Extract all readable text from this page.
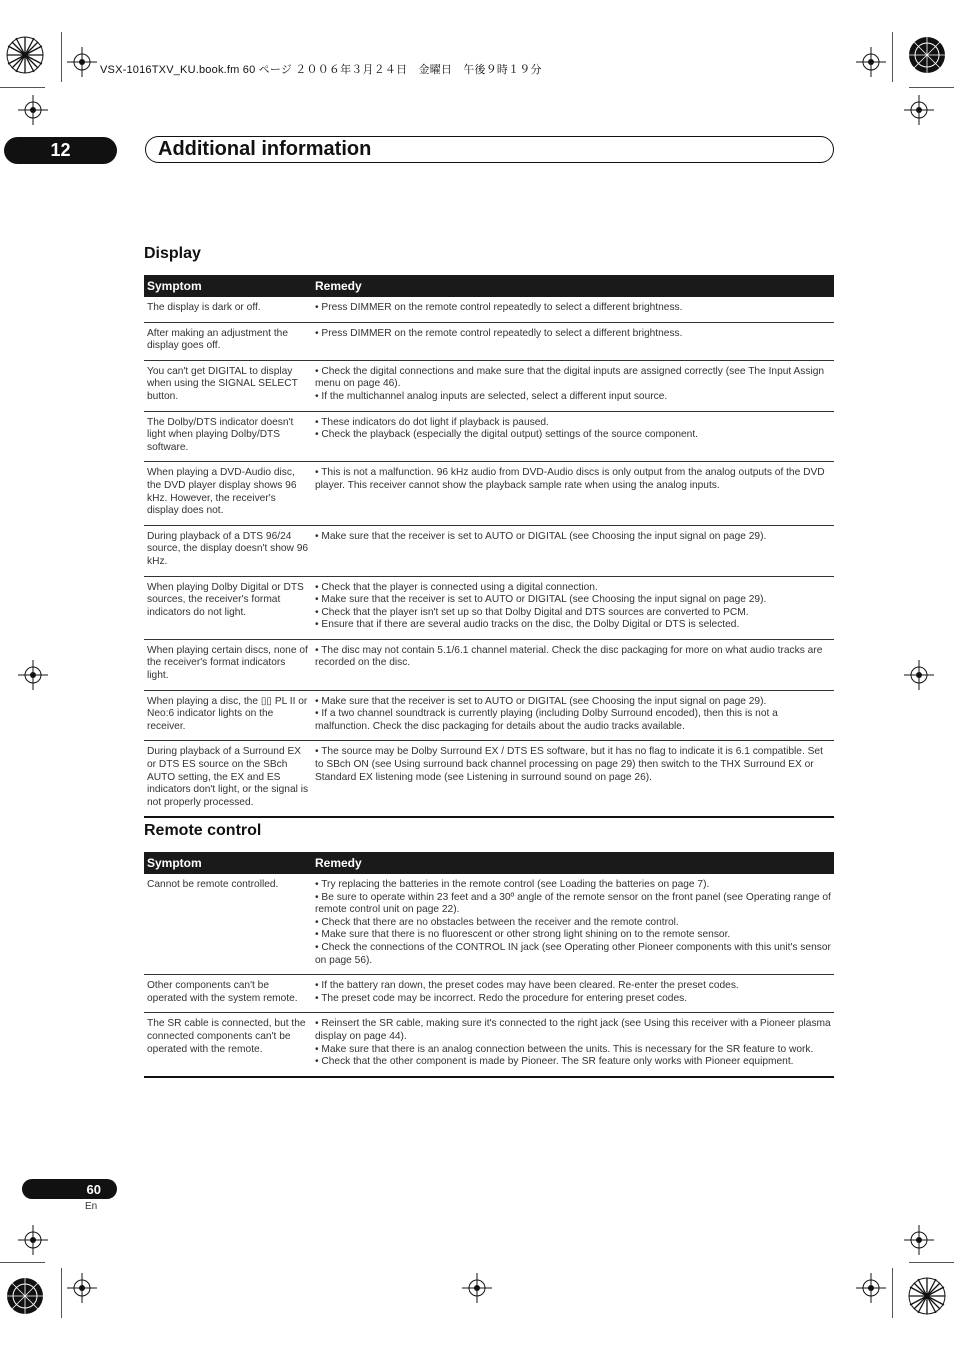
VSX-1016TXV_KU.book.fm 60 ページ ２００６年３月２４日　金曜日　午後９時１９分
12	Additional information
Display
Symptom	Remedy
The display is dark or off.	• Press DIMMER on the remote control repeatedly to select a different brightness.

After making an adjustment the display goes off.	• Press DIMMER on the remote control repeatedly to select a different brightness.

You can't get DIGITAL to display when using the SIGNAL SELECT button.	• Check the digital connections and make sure that the digital inputs are assigned correctly (see The Input Assign menu on page 46).
• If the multichannel analog inputs are selected, select a different input source.

The Dolby/DTS indicator doesn't light when playing Dolby/DTS software.	• These indicators do dot light if playback is paused.
• Check the playback (especially the digital output) settings of the source component.

When playing a DVD-Audio disc, the DVD player display shows 96 kHz. However, the receiver's display does not.	• This is not a malfunction. 96 kHz audio from DVD-Audio discs is only output from the analog outputs of the DVD player. This receiver cannot show the playback sample rate when using the analog inputs.

During playback of a DTS 96/24 source, the display doesn't show 96 kHz.	• Make sure that the receiver is set to AUTO or DIGITAL (see Choosing the input signal on page 29).

When playing Dolby Digital or DTS sources, the receiver's format indicators do not light.	• Check that the player is connected using a digital connection.
• Make sure that the receiver is set to AUTO or DIGITAL (see Choosing the input signal on page 29).
• Check that the player isn't set up so that Dolby Digital and DTS sources are converted to PCM.
• Ensure that if there are several audio tracks on the disc, the Dolby Digital or DTS is selected.

When playing certain discs, none of the receiver's format indicators light.	• The disc may not contain 5.1/6.1 channel material. Check the disc packaging for more on what audio tracks are recorded on the disc.

When playing a disc, the ▯▯ PL II or Neo:6 indicator lights on the receiver.	• Make sure that the receiver is set to AUTO or DIGITAL (see Choosing the input signal on page 29).
• If a two channel soundtrack is currently playing (including Dolby Surround encoded), then this is not a malfunction. Check the disc packaging for details about the audio tracks available.

During playback of a Surround EX or DTS ES source on the SBch AUTO setting, the EX and ES indicators don't light, or the signal is not properly processed.	• The source may be Dolby Surround EX / DTS ES software, but it has no flag to indicate it is 6.1 compatible. Set to SBch ON (see Using surround back channel processing on page 29) then switch to the THX Surround EX or Standard EX listening mode (see Listening in surround sound on page 26).
Remote control
Symptom	Remedy
Cannot be remote controlled.	• Try replacing the batteries in the remote control (see Loading the batteries on page 7).
• Be sure to operate within 23 feet and a 30º angle of the remote sensor on the front panel (see Operating range of remote control unit on page 22).
• Check that there are no obstacles between the receiver and the remote control.
• Make sure that there is no fluorescent or other strong light shining on to the remote sensor.
• Check the connections of the CONTROL IN jack (see Operating other Pioneer components with this unit's sensor on page 56).

Other components can't be operated with the system remote.	• If the battery ran down, the preset codes may have been cleared. Re-enter the preset codes.
• The preset code may be incorrect. Redo the procedure for entering preset codes.

The SR cable is connected, but the connected components can't be operated with the remote.	• Reinsert the SR cable, making sure it's connected to the right jack (see Using this receiver with a Pioneer plasma display on page 44).
• Make sure that there is an analog connection between the units. This is necessary for the SR feature to work.
• Check that the other component is made by Pioneer. The SR feature only works with Pioneer equipment.
60
En
